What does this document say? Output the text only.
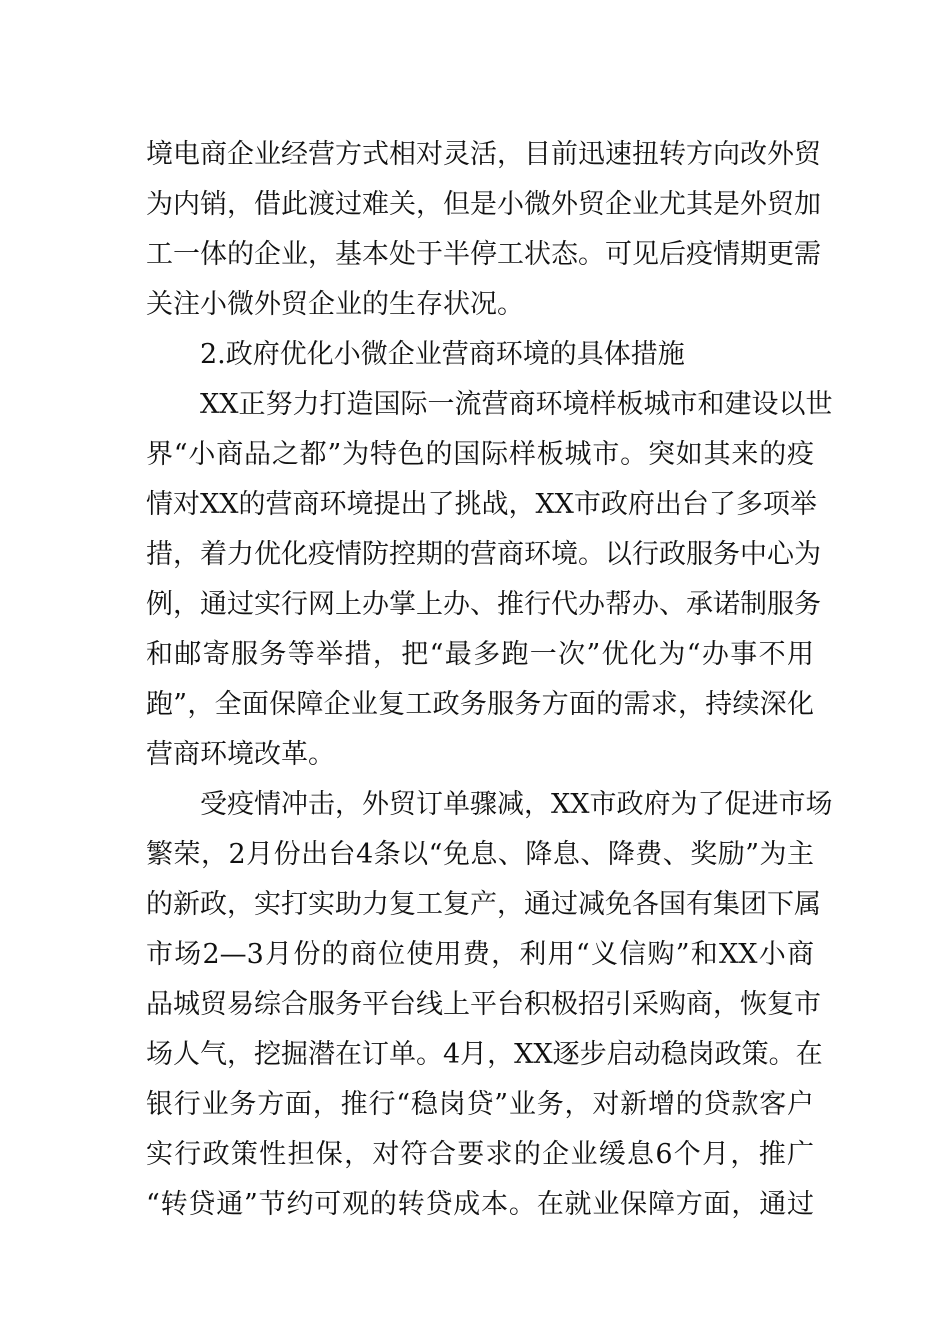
境电商企业经营方式相对灵活，目前迅速扭转方向改外贸
为内销，借此渡过难关，但是小微外贸企业尤其是外贸加
工一体的企业，基本处于半停工状态。可见后疫情期更需
关注小微外贸企业的生存状况。
2.政府优化小微企业营商环境的具体措施
XX正努力打造国际一流营商环境样板城市和建设以世
界“小商品之都”为特色的国际样板城市。突如其来的疫
情对XX的营商环境提出了挑战，XX市政府出台了多项举
措，着力优化疫情防控期的营商环境。以行政服务中心为
例，通过实行网上办掌上办、推行代办帮办、承诺制服务
和邮寄服务等举措，把“最多跑一次”优化为“办事不用
跑”，全面保障企业复工政务服务方面的需求，持续深化
营商环境改革。
受疫情冲击，外贸订单骤减，XX市政府为了促进市场
繁荣，2月份出台4条以“免息、降息、降费、奖励”为主
的新政，实打实助力复工复产，通过减免各国有集团下属
市场2—3月份的商位使用费，利用“义信购”和XX小商
品城贸易综合服务平台线上平台积极招引采购商，恢复市
场人气，挖掘潜在订单。4月，XX逐步启动稳岗政策。在
银行业务方面，推行“稳岗贷”业务，对新增的贷款客户
实行政策性担保，对符合要求的企业缓息6个月，推广
“转贷通”节约可观的转贷成本。在就业保障方面，通过
